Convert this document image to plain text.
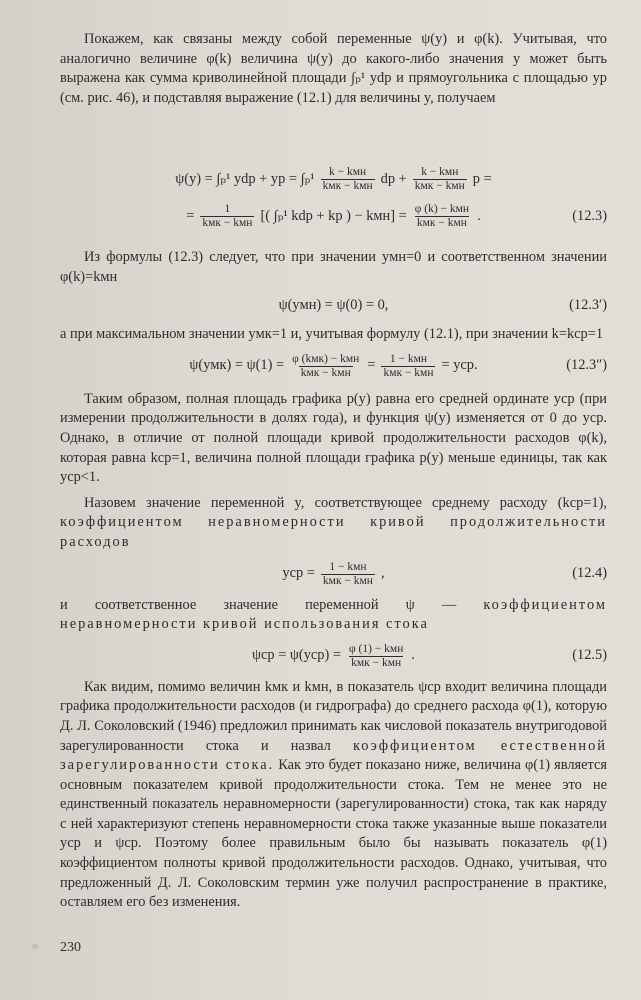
Покажем, как связаны между собой переменные ψ(y) и φ(k). Учитывая, что аналогично величине φ(k) величина ψ(y) до какого-либо значения y может быть выражена как сумма криволинейной площади ∫ₚ¹ ydp и прямоугольника с площадью yp (см. рис. 46), и подставляя выражение (12.1) для величины y, получаем

ψ(y) = ∫ₚ¹ ydp + yp = $\int_p^1 \frac{\text{k − kмн}}{\text{kмк − kмн}}$ dp + $\frac{\text{k − kмн}}{\text{kмк − kмн}}$ p =
= $\frac{1}{\text{kмк − kмн}}$ [( ∫ₚ¹ kdp + kp ) − $kмн] = \frac{\text{φ (k) − kмн}}{\text{kмк − kмн}}$ .	(12.3)

Из формулы (12.3) следует, что при значении yмн=0 и соответственном значении φ(k)=kмн

ψ(yмн) = ψ(0) = 0,	(12.3′)

а при максимальном значении yмк=1 и, учитывая формулу (12.1), при значении k=kср=1

$\psi(yмк) = \psi(1) = \frac{\text{φ (kмк) − kмн}}{\text{kмк − kмн}} = \frac{\text{1 − kмн}}{\text{kмк − kмн}}$ = yср.	(12.3″)

Таким образом, полная площадь графика p(y) равна его средней ординате yср (при измерении продолжительности в долях года), и функция ψ(y) изменяется от 0 до yср. Однако, в отличие от полной площади кривой продолжительности расходов φ(k), которая равна kср=1, величина полной площади графика p(y) меньше единицы, так как yср<1.

Назовем значение переменной y, соответствующее среднему расходу (kср=1), коэффициентом неравномерности кривой продолжительности расходов

yср = $\frac{\text{1 − kмн}}{\text{kмк − kмн}}$ ,	(12.4)

и соответственное значение переменной ψ — коэффициентом неравномерности кривой использования стока

$\psi ср = \psi(yср) = \frac{\text{φ (1) − kмн}}{\text{kмк − kмн}}$ .	(12.5)

Как видим, помимо величин kмк и kмн, в показатель ψср входит величина площади графика продолжительности расходов (и гидрографа) до среднего расхода φ(1), которую Д. Л. Соколовский (1946) предложил принимать как числовой показатель внутригодовой зарегулированности стока и назвал коэффициентом естественной зарегулированности стока. Как это будет показано ниже, величина φ(1) является основным показателем кривой продолжительности стока. Тем не менее это не единственный показатель неравномерности (зарегулированности) стока, так как наряду с ней характеризуют степень неравномерности стока также указанные выше показатели yср и ψср. Поэтому более правильным было бы называть показатель φ(1) коэффициентом полноты кривой продолжительности расходов. Однако, учитывая, что предложенный Д. Л. Соколовским термин уже получил распространение в практике, оставляем его без изменения.

230
